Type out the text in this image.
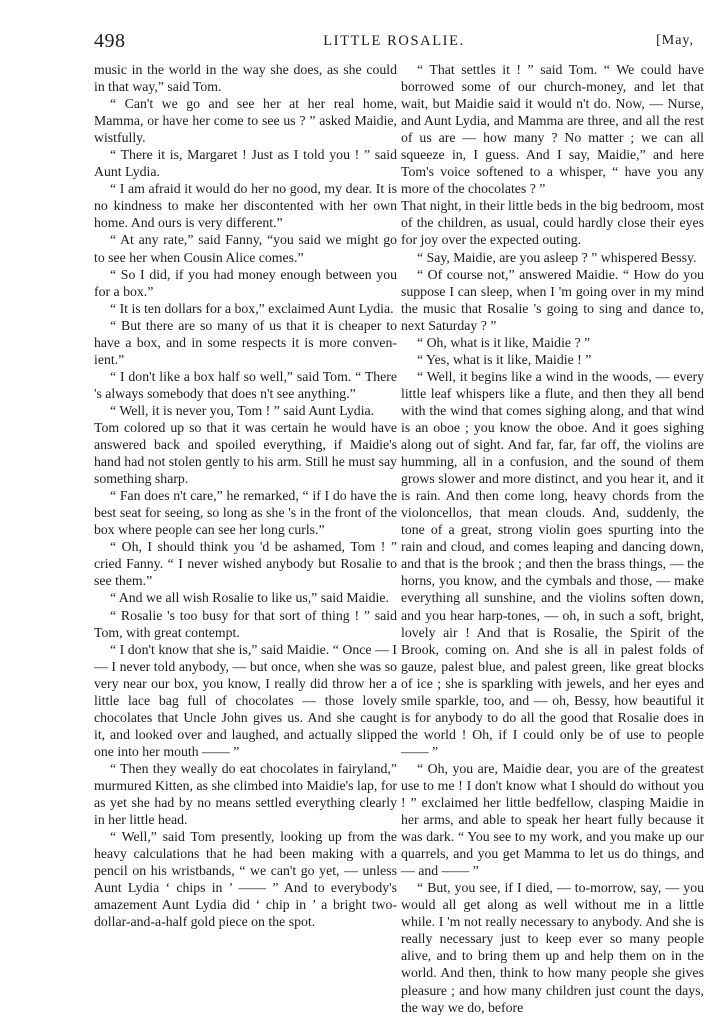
498	LITTLE ROSALIE.	[May,

music in the world in the way she does, as she could in that way,” said Tom.

“ Can't we go and see her at her real home, Mamma, or have her come to see us ? ” asked Maidie, wistfully.

“ There it is, Margaret ! Just as I told you ! ” said Aunt Lydia.

“ I am afraid it would do her no good, my dear. It is no kindness to make her discontented with her own home. And ours is very different.”

“ At any rate,” said Fanny, “you said we might go to see her when Cousin Alice comes.”

“ So I did, if you had money enough between you for a box.”

“ It is ten dollars for a box,” exclaimed Aunt Lydia.

“ But there are so many of us that it is cheaper to have a box, and in some respects it is more convenient.”

“ I don't like a box half so well,” said Tom. “ There 's always somebody that does n't see anything.”

“ Well, it is never you, Tom ! ” said Aunt Lydia.

Tom colored up so that it was certain he would have answered back and spoiled everything, if Maidie's hand had not stolen gently to his arm. Still he must say something sharp.

“ Fan does n't care,” he remarked, “ if I do have the best seat for seeing, so long as she 's in the front of the box where people can see her long curls.”

“ Oh, I should think you 'd be ashamed, Tom ! ” cried Fanny. “ I never wished anybody but Rosalie to see them.”

“ And we all wish Rosalie to like us,” said Maidie.

“ Rosalie 's too busy for that sort of thing ! ” said Tom, with great contempt.

“ I don't know that she is,” said Maidie. “ Once — I — I never told anybody, — but once, when she was so very near our box, you know, I really did throw her a little lace bag full of chocolates — those lovely chocolates that Uncle John gives us. And she caught it, and looked over and laughed, and actually slipped one into her mouth —— ”

“ Then they weally do eat chocolates in fairyland,” murmured Kitten, as she climbed into Maidie's lap, for as yet she had by no means settled everything clearly in her little head.

“ Well,” said Tom presently, looking up from the heavy calculations that he had been making with a pencil on his wristbands, “ we can't go yet, — unless Aunt Lydia ‘ chips in ’ —— ” And to everybody's amazement Aunt Lydia did ‘ chip in ’ a bright two-dollar-and-a-half gold piece on the spot.

“ That settles it ! ” said Tom. “ We could have borrowed some of our church-money, and let that wait, but Maidie said it would n't do. Now, — Nurse, and Aunt Lydia, and Mamma are three, and all the rest of us are — how many ? No matter ; we can all squeeze in, I guess. And I say, Maidie,” and here Tom's voice softened to a whisper, “ have you any more of the chocolates ? ”

That night, in their little beds in the big bedroom, most of the children, as usual, could hardly close their eyes for joy over the expected outing.

“ Say, Maidie, are you asleep ? ” whispered Bessy.

“ Of course not,” answered Maidie. “ How do you suppose I can sleep, when I 'm going over in my mind the music that Rosalie 's going to sing and dance to, next Saturday ? ”

“ Oh, what is it like, Maidie ? ”

“ Yes, what is it like, Maidie ! ”

“ Well, it begins like a wind in the woods, — every little leaf whispers like a flute, and then they all bend with the wind that comes sighing along, and that wind is an oboe ; you know the oboe. And it goes sighing along out of sight. And far, far, far off, the violins are humming, all in a confusion, and the sound of them grows slower and more distinct, and you hear it, and it is rain. And then come long, heavy chords from the violoncellos, that mean clouds. And, suddenly, the tone of a great, strong violin goes spurting into the rain and cloud, and comes leaping and dancing down, and that is the brook ; and then the brass things, — the horns, you know, and the cymbals and those, — make everything all sunshine, and the violins soften down, and you hear harp-tones, — oh, in such a soft, bright, lovely air ! And that is Rosalie, the Spirit of the Brook, coming on. And she is all in palest folds of gauze, palest blue, and palest green, like great blocks of ice ; she is sparkling with jewels, and her eyes and smile sparkle, too, and — oh, Bessy, how beautiful it is for anybody to do all the good that Rosalie does in the world ! Oh, if I could only be of use to people —— ”

“ Oh, you are, Maidie dear, you are of the greatest use to me ! I don't know what I should do without you ! ” exclaimed her little bedfellow, clasping Maidie in her arms, and able to speak her heart fully because it was dark. “ You see to my work, and you make up our quarrels, and you get Mamma to let us do things, and — and —— ”

“ But, you see, if I died, — to-morrow, say, — you would all get along as well without me in a little while. I 'm not really necessary to anybody. And she is really necessary just to keep ever so many people alive, and to bring them up and help them on in the world. And then, think to how many people she gives pleasure ; and how many children just count the days, the way we do, before
